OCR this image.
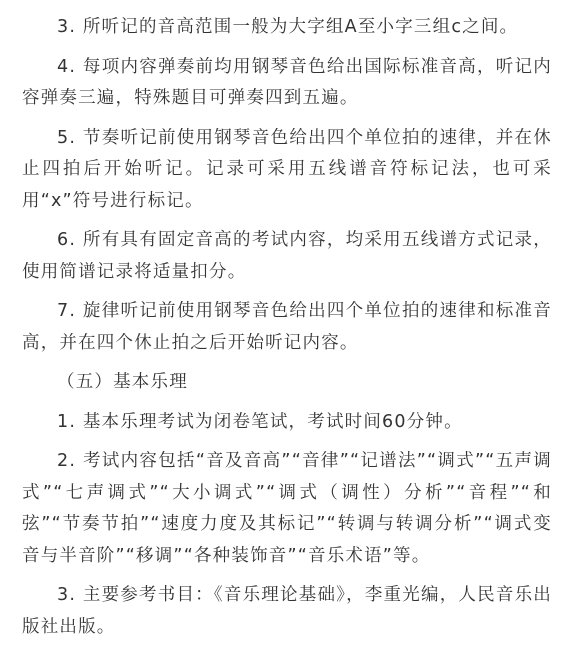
3. 所听记的音高范围一般为大字组A至小字三组c之间。

4. 每项内容弹奏前均用钢琴音色给出国际标准音高，听记内容弹奏三遍，特殊题目可弹奏四到五遍。

5. 节奏听记前使用钢琴音色给出四个单位拍的速律，并在休止四拍后开始听记。记录可采用五线谱音符标记法，也可采用“x”符号进行标记。

6. 所有具有固定音高的考试内容，均采用五线谱方式记录，使用简谱记录将适量扣分。

7. 旋律听记前使用钢琴音色给出四个单位拍的速律和标准音高，并在四个休止拍之后开始听记内容。

（五）基本乐理

1. 基本乐理考试为闭卷笔试，考试时间60分钟。

2. 考试内容包括“音及音高”“音律”“记谱法”“调式”“五声调式”“七声调式”“大小调式”“调式（调性）分析”“音程”“和弦”“节奏节拍”“速度力度及其标记”“转调与转调分析”“调式变音与半音阶”“移调”“各种装饰音”“音乐术语”等。

3. 主要参考书目：《音乐理论基础》，李重光编，人民音乐出版社出版。
